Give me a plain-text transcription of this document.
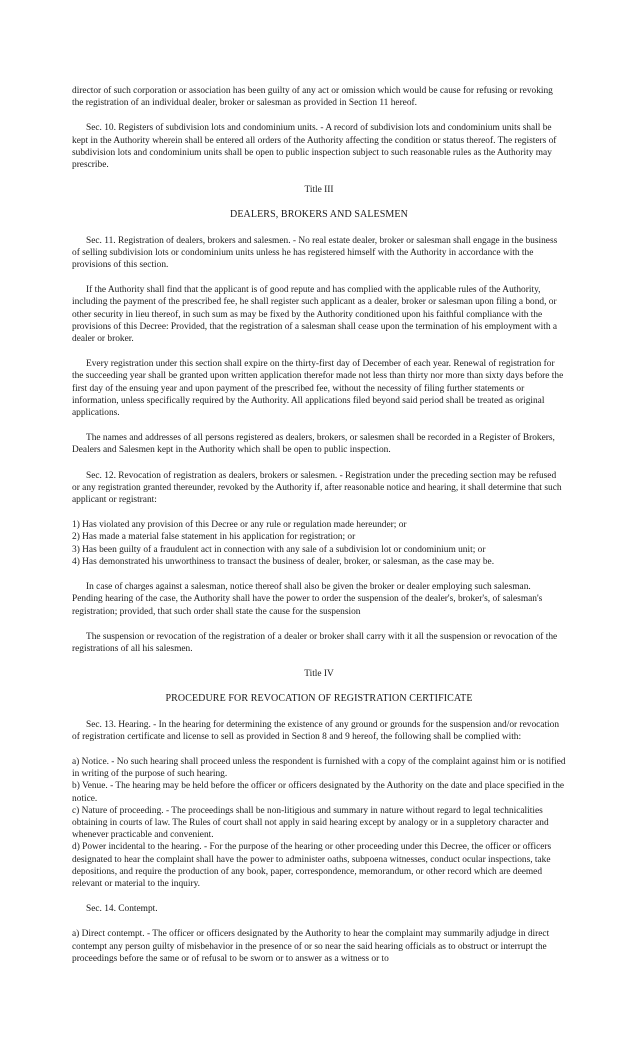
director of such corporation or association has been guilty of any act or omission which would be cause for refusing or revoking the registration of an individual dealer, broker or salesman as provided in Section 11 hereof.

Sec. 10. Registers of subdivision lots and condominium units. - A record of subdivision lots and condominium units shall be kept in the Authority wherein shall be entered all orders of the Authority affecting the condition or status thereof. The registers of subdivision lots and condominium units shall be open to public inspection subject to such reasonable rules as the Authority may prescribe.

Title III

DEALERS, BROKERS AND SALESMEN

Sec. 11. Registration of dealers, brokers and salesmen. - No real estate dealer, broker or salesman shall engage in the business of selling subdivision lots or condominium units unless he has registered himself with the Authority in accordance with the provisions of this section.

If the Authority shall find that the applicant is of good repute and has complied with the applicable rules of the Authority, including the payment of the prescribed fee, he shall register such applicant as a dealer, broker or salesman upon filing a bond, or other security in lieu thereof, in such sum as may be fixed by the Authority conditioned upon his faithful compliance with the provisions of this Decree: Provided, that the registration of a salesman shall cease upon the termination of his employment with a dealer or broker.

Every registration under this section shall expire on the thirty-first day of December of each year. Renewal of registration for the succeeding year shall be granted upon written application therefor made not less than thirty nor more than sixty days before the first day of the ensuing year and upon payment of the prescribed fee, without the necessity of filing further statements or information, unless specifically required by the Authority. All applications filed beyond said period shall be treated as original applications.

The names and addresses of all persons registered as dealers, brokers, or salesmen shall be recorded in a Register of Brokers, Dealers and Salesmen kept in the Authority which shall be open to public inspection.

Sec. 12. Revocation of registration as dealers, brokers or salesmen. - Registration under the preceding section may be refused or any registration granted thereunder, revoked by the Authority if, after reasonable notice and hearing, it shall determine that such applicant or registrant:

1) Has violated any provision of this Decree or any rule or regulation made hereunder; or
2) Has made a material false statement in his application for registration; or
3) Has been guilty of a fraudulent act in connection with any sale of a subdivision lot or condominium unit; or
4) Has demonstrated his unworthiness to transact the business of dealer, broker, or salesman, as the case may be.
In case of charges against a salesman, notice thereof shall also be given the broker or dealer employing such salesman.
Pending hearing of the case, the Authority shall have the power to order the suspension of the dealer's, broker's, of salesman's registration; provided, that such order shall state the cause for the suspension

The suspension or revocation of the registration of a dealer or broker shall carry with it all the suspension or revocation of the registrations of all his salesmen.

Title IV

PROCEDURE FOR REVOCATION OF REGISTRATION CERTIFICATE

Sec. 13. Hearing. - In the hearing for determining the existence of any ground or grounds for the suspension and/or revocation of registration certificate and license to sell as provided in Section 8 and 9 hereof, the following shall be complied with:

a) Notice. - No such hearing shall proceed unless the respondent is furnished with a copy of the complaint against him or is notified in writing of the purpose of such hearing.
b) Venue. - The hearing may be held before the officer or officers designated by the Authority on the date and place specified in the notice.
c) Nature of proceeding. - The proceedings shall be non-litigious and summary in nature without regard to legal technicalities obtaining in courts of law. The Rules of court shall not apply in said hearing except by analogy or in a suppletory character and whenever practicable and convenient.
d) Power incidental to the hearing. - For the purpose of the hearing or other proceeding under this Decree, the officer or officers designated to hear the complaint shall have the power to administer oaths, subpoena witnesses, conduct ocular inspections, take depositions, and require the production of any book, paper, correspondence, memorandum, or other record which are deemed relevant or material to the inquiry.

Sec. 14. Contempt.

a) Direct contempt. - The officer or officers designated by the Authority to hear the complaint may summarily adjudge in direct contempt any person guilty of misbehavior in the presence of or so near the said hearing officials as to obstruct or interrupt the proceedings before the same or of refusal to be sworn or to answer as a witness or to
